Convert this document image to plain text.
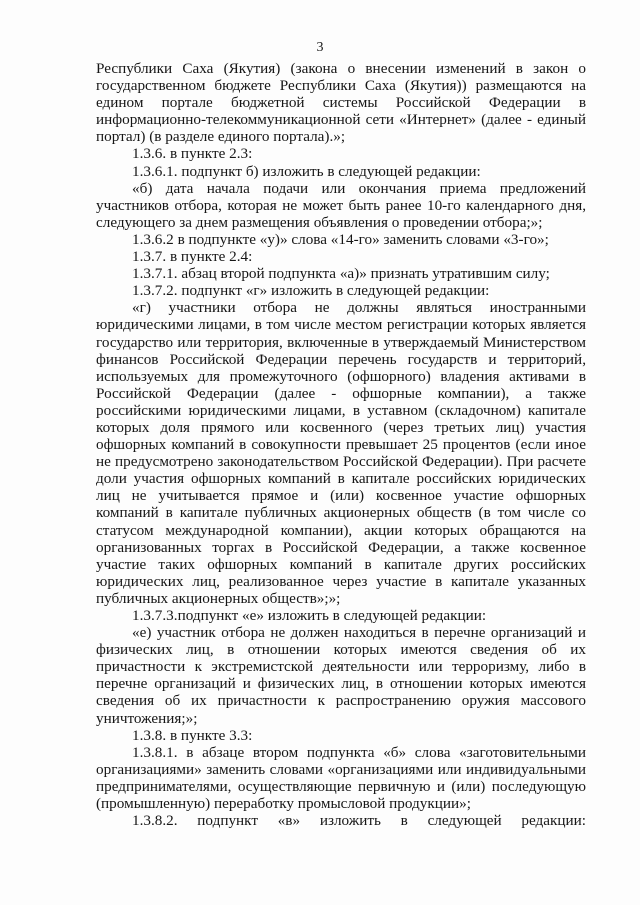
3

Республики Саха (Якутия) (закона о внесении изменений в закон о государственном бюджете Республики Саха (Якутия)) размещаются на едином портале бюджетной системы Российской Федерации в информационно-телекоммуникационной сети «Интернет» (далее - единый портал) (в разделе единого портала).»;

1.3.6. в пункте 2.3:

1.3.6.1. подпункт б) изложить в следующей редакции:

«б) дата начала подачи или окончания приема предложений участников отбора, которая не может быть ранее 10-го календарного дня, следующего за днем размещения объявления о проведении отбора;»;

1.3.6.2 в подпункте «у)» слова «14-го» заменить словами «3-го»;

1.3.7. в пункте 2.4:

1.3.7.1. абзац второй подпункта «а)» признать утратившим силу;

1.3.7.2. подпункт «г» изложить в следующей редакции:

«г) участники отбора не должны являться иностранными юридическими лицами, в том числе местом регистрации которых является государство или территория, включенные в утверждаемый Министерством финансов Российской Федерации перечень государств и территорий, используемых для промежуточного (офшорного) владения активами в Российской Федерации (далее - офшорные компании), а также российскими юридическими лицами, в уставном (складочном) капитале которых доля прямого или косвенного (через третьих лиц) участия офшорных компаний в совокупности превышает 25 процентов (если иное не предусмотрено законодательством Российской Федерации). При расчете доли участия офшорных компаний в капитале российских юридических лиц не учитывается прямое и (или) косвенное участие офшорных компаний в капитале публичных акционерных обществ (в том числе со статусом международной компании), акции которых обращаются на организованных торгах в Российской Федерации, а также косвенное участие таких офшорных компаний в капитале других российских юридических лиц, реализованное через участие в капитале указанных публичных акционерных обществ»;»;

1.3.7.3.подпункт «е» изложить в следующей редакции:

«е) участник отбора не должен находиться в перечне организаций и физических лиц, в отношении которых имеются сведения об их причастности к экстремистской деятельности или терроризму, либо в перечне организаций и физических лиц, в отношении которых имеются сведения об их причастности к распространению оружия массового уничтожения;»;

1.3.8. в пункте 3.3:

1.3.8.1. в абзаце втором подпункта «б» слова «заготовительными организациями» заменить словами «организациями или индивидуальными предпринимателями, осуществляющие первичную и (или) последующую (промышленную) переработку промысловой продукции»;

1.3.8.2. подпункт «в» изложить в следующей редакции:
